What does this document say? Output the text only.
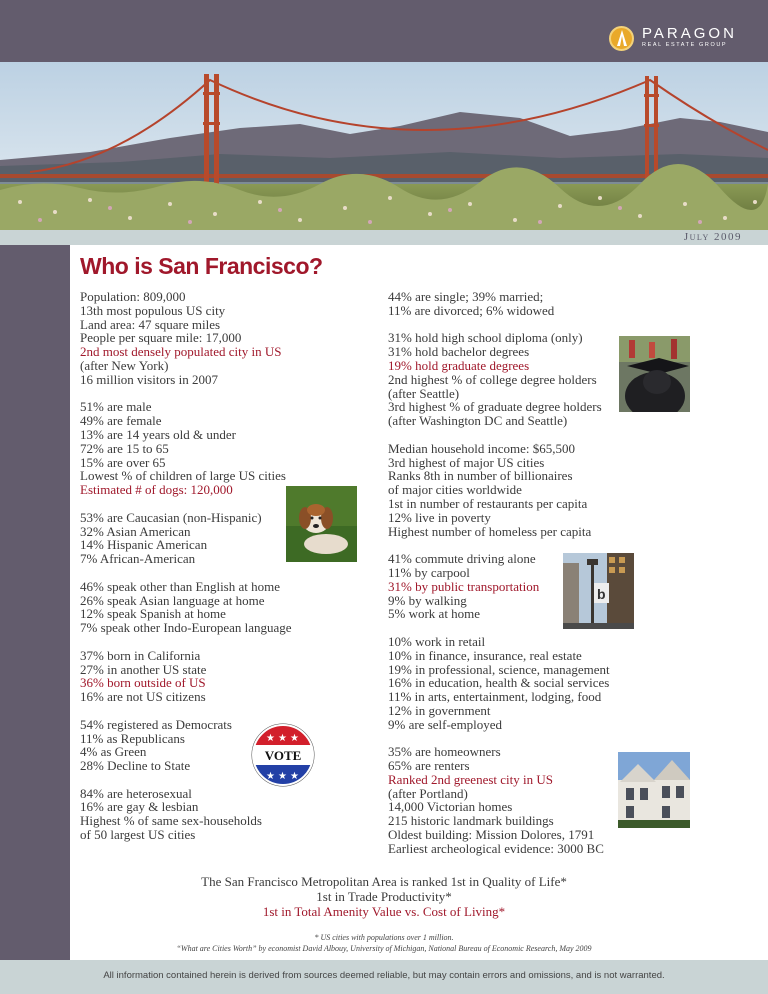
PARAGON
REAL ESTATE GROUP
July 2009
Who is San Francisco?
Population: 809,000
13th most populous US city
Land area: 47 square miles
People per square mile: 17,000
2nd most densely populated city in US
(after New York)
16 million visitors in 2007
51% are male
49% are female
13% are 14 years old & under
72% are 15 to 65
15% are over 65
Lowest % of children of large US cities
Estimated # of dogs: 120,000
53% are Caucasian (non-Hispanic)
32% Asian American
14% Hispanic American
7% African-American
46% speak other than English at home
26% speak Asian language at home
12% speak Spanish at home
7% speak other Indo-European language
37% born in California
27% in another US state
36% born outside of US
16% are not US citizens
54% registered as Democrats
11% as Republicans
4% as Green
28% Decline to State
84% are heterosexual
16% are gay & lesbian
Highest % of same sex-households
of 50 largest US cities
44% are single; 39% married;
11% are divorced; 6% widowed
31% hold high school diploma (only)
31% hold bachelor degrees
19% hold graduate degrees
2nd highest % of college degree holders
(after Seattle)
3rd highest % of graduate degree holders
(after Washington DC and Seattle)
Median household income: $65,500
3rd highest of major US cities
Ranks 8th in number of billionaires
of major cities worldwide
1st in number of restaurants per capita
12% live in poverty
Highest number of homeless per capita
41% commute driving alone
11% by carpool
31% by public transportation
9% by walking
5% work at home
10% work in retail
10% in finance, insurance, real estate
19% in professional, science, management
16% in education, health & social services
11% in arts, entertainment, lodging, food
12% in government
9% are self-employed
35% are homeowners
65% are renters
Ranked 2nd greenest city in US
(after Portland)
14,000 Victorian homes
215 historic landmark buildings
Oldest building: Mission Dolores, 1791
Earliest archeological evidence: 3000 BC
b
★ ★ ★
★ ★ ★
VOTE
The San Francisco Metropolitan Area is ranked 1st in Quality of Life*
1st in Trade Productivity*
1st in Total Amenity Value vs. Cost of Living*
* US cities with populations over 1 million.
“What are Cities Worth” by economist David Albouy, University of Michigan, National Bureau of Economic Research, May 2009
All information contained herein is derived from sources deemed reliable, but may contain errors and omissions, and is not warranted.
